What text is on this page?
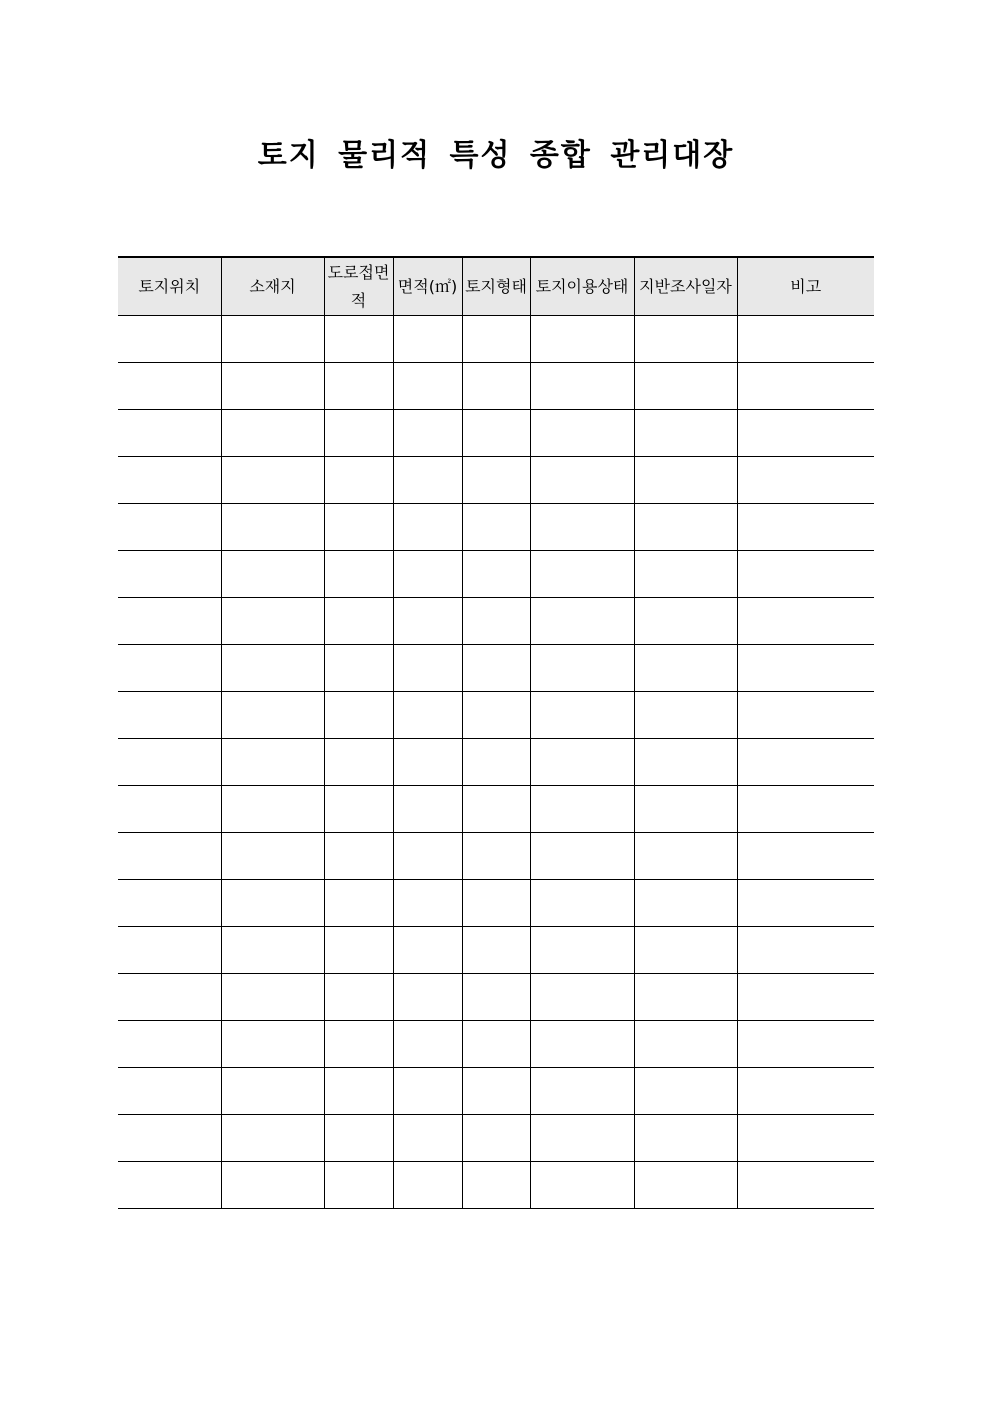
토지 물리적 특성 종합 관리대장
토지위치	소재지	도로접면적	면적(㎡)	토지형태	토지이용상태	지반조사일자	비고
